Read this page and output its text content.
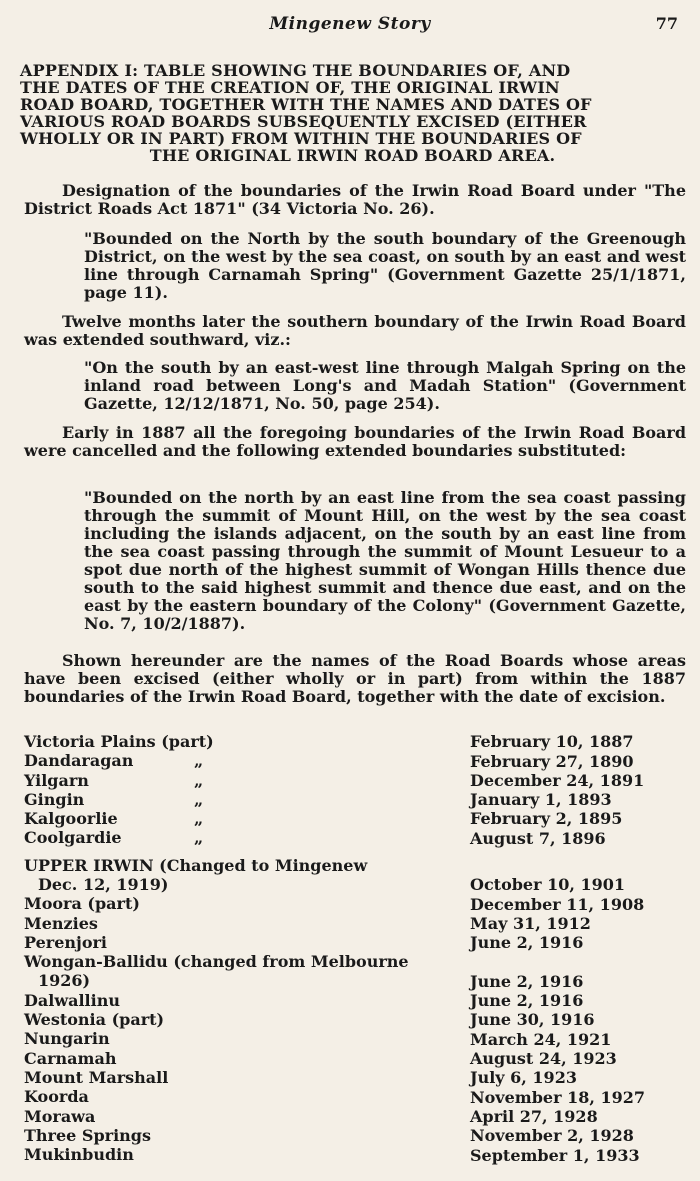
Mingenew Story	77
APPENDIX I: TABLE SHOWING THE BOUNDARIES OF, AND
THE DATES OF THE CREATION OF, THE ORIGINAL IRWIN
ROAD BOARD, TOGETHER WITH THE NAMES AND DATES OF
VARIOUS ROAD BOARDS SUBSEQUENTLY EXCISED (EITHER
WHOLLY OR IN PART) FROM WITHIN THE BOUNDARIES OF
THE ORIGINAL IRWIN ROAD BOARD AREA.
Designation of the boundaries of the Irwin Road Board under "The District Roads Act 1871" (34 Victoria No. 26).
"Bounded on the North by the south boundary of the Greenough District, on the west by the sea coast, on south by an east and west line through Carnamah Spring" (Government Gazette 25/1/1871, page 11).
Twelve months later the southern boundary of the Irwin Road Board was extended southward, viz.:
"On the south by an east-west line through Malgah Spring on the inland road between Long's and Madah Station" (Government Gazette, 12/12/1871, No. 50, page 254).
Early in 1887 all the foregoing boundaries of the Irwin Road Board were cancelled and the following extended boundaries substituted:
"Bounded on the north by an east line from the sea coast passing through the summit of Mount Hill, on the west by the sea coast including the islands adjacent, on the south by an east line from the sea coast passing through the summit of Mount Lesueur to a spot due north of the highest summit of Wongan Hills thence due south to the said highest summit and thence due east, and on the east by the eastern boundary of the Colony" (Government Gazette, No. 7, 10/2/1887).
Shown hereunder are the names of the Road Boards whose areas have been excised (either wholly or in part) from within the 1887 boundaries of the Irwin Road Board, together with the date of excision.
Victoria Plains (part)	February 10, 1887
Dandaragan	„	February 27, 1890
Yilgarn	„	December 24, 1891
Gingin	„	January 1, 1893
Kalgoorlie	„	February 2, 1895
Coolgardie	„	August 7, 1896
UPPER IRWIN (Changed to Mingenew
Dec. 12, 1919)	October 10, 1901
Moora (part)	December 11, 1908
Menzies	May 31, 1912
Perenjori	June 2, 1916
Wongan-Ballidu (changed from Melbourne
1926)	June 2, 1916
Dalwallinu	June 2, 1916
Westonia (part)	June 30, 1916
Nungarin	March 24, 1921
Carnamah	August 24, 1923
Mount Marshall	July 6, 1923
Koorda	November 18, 1927
Morawa	April 27, 1928
Three Springs	November 2, 1928
Mukinbudin	September 1, 1933
